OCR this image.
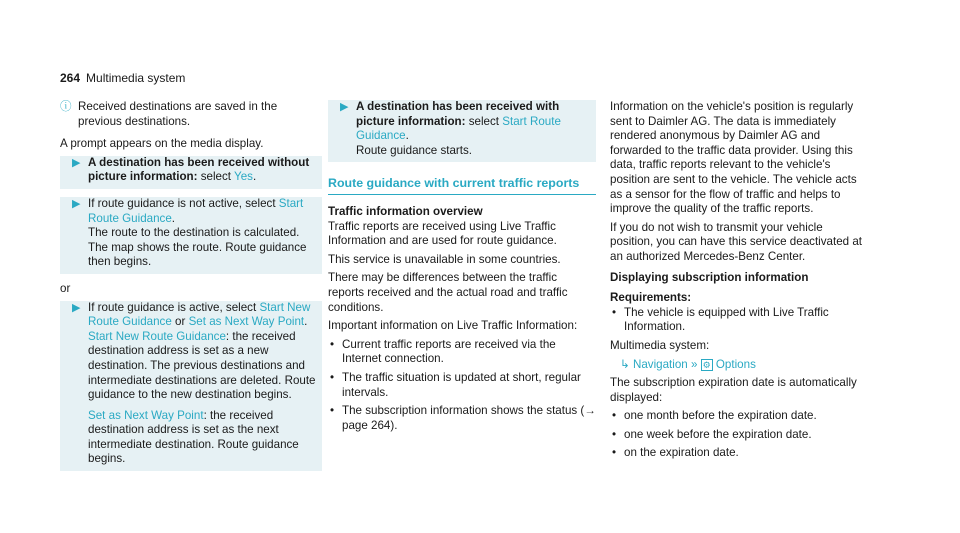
264 Multimedia system
ⓘ Received destinations are saved in the previous destinations.

A prompt appears on the media display.

▶ A destination has been received without picture information: select Yes.
▶ If route guidance is not active, select Start Route Guidance.
The route to the destination is calculated. The map shows the route. Route guidance then begins.

or

▶ If route guidance is active, select Start New Route Guidance or Set as Next Way Point.
Start New Route Guidance: the received destination address is set as a new destination. The previous destinations and intermediate destinations are deleted. Route guidance to the new destination begins.

Set as Next Way Point: the received destination address is set as the next intermediate destination. Route guidance begins.

▶ A destination has been received with picture information: select Start Route Guidance.
Route guidance starts.
Route guidance with current traffic reports
Traffic information overview

Traffic reports are received using Live Traffic Information and are used for route guidance.

This service is unavailable in some countries.

There may be differences between the traffic reports received and the actual road and traffic conditions.

Important information on Live Traffic Information:

• Current traffic reports are received via the Internet connection.
• The traffic situation is updated at short, regular intervals.
• The subscription information shows the status (→ page 264).

Information on the vehicle's position is regularly sent to Daimler AG. The data is immediately rendered anonymous by Daimler AG and forwarded to the traffic data provider. Using this data, traffic reports relevant to the vehicle's position are sent to the vehicle. The vehicle acts as a sensor for the flow of traffic and helps to improve the quality of the traffic reports.

If you do not wish to transmit your vehicle position, you can have this service deactivated at an authorized Mercedes-Benz Center.

Displaying subscription information
Requirements:
• The vehicle is equipped with Live Traffic Information.

Multimedia system:

↳ Navigation » ⚙ Options

The subscription expiration date is automatically displayed:

• one month before the expiration date.
• one week before the expiration date.
• on the expiration date.
